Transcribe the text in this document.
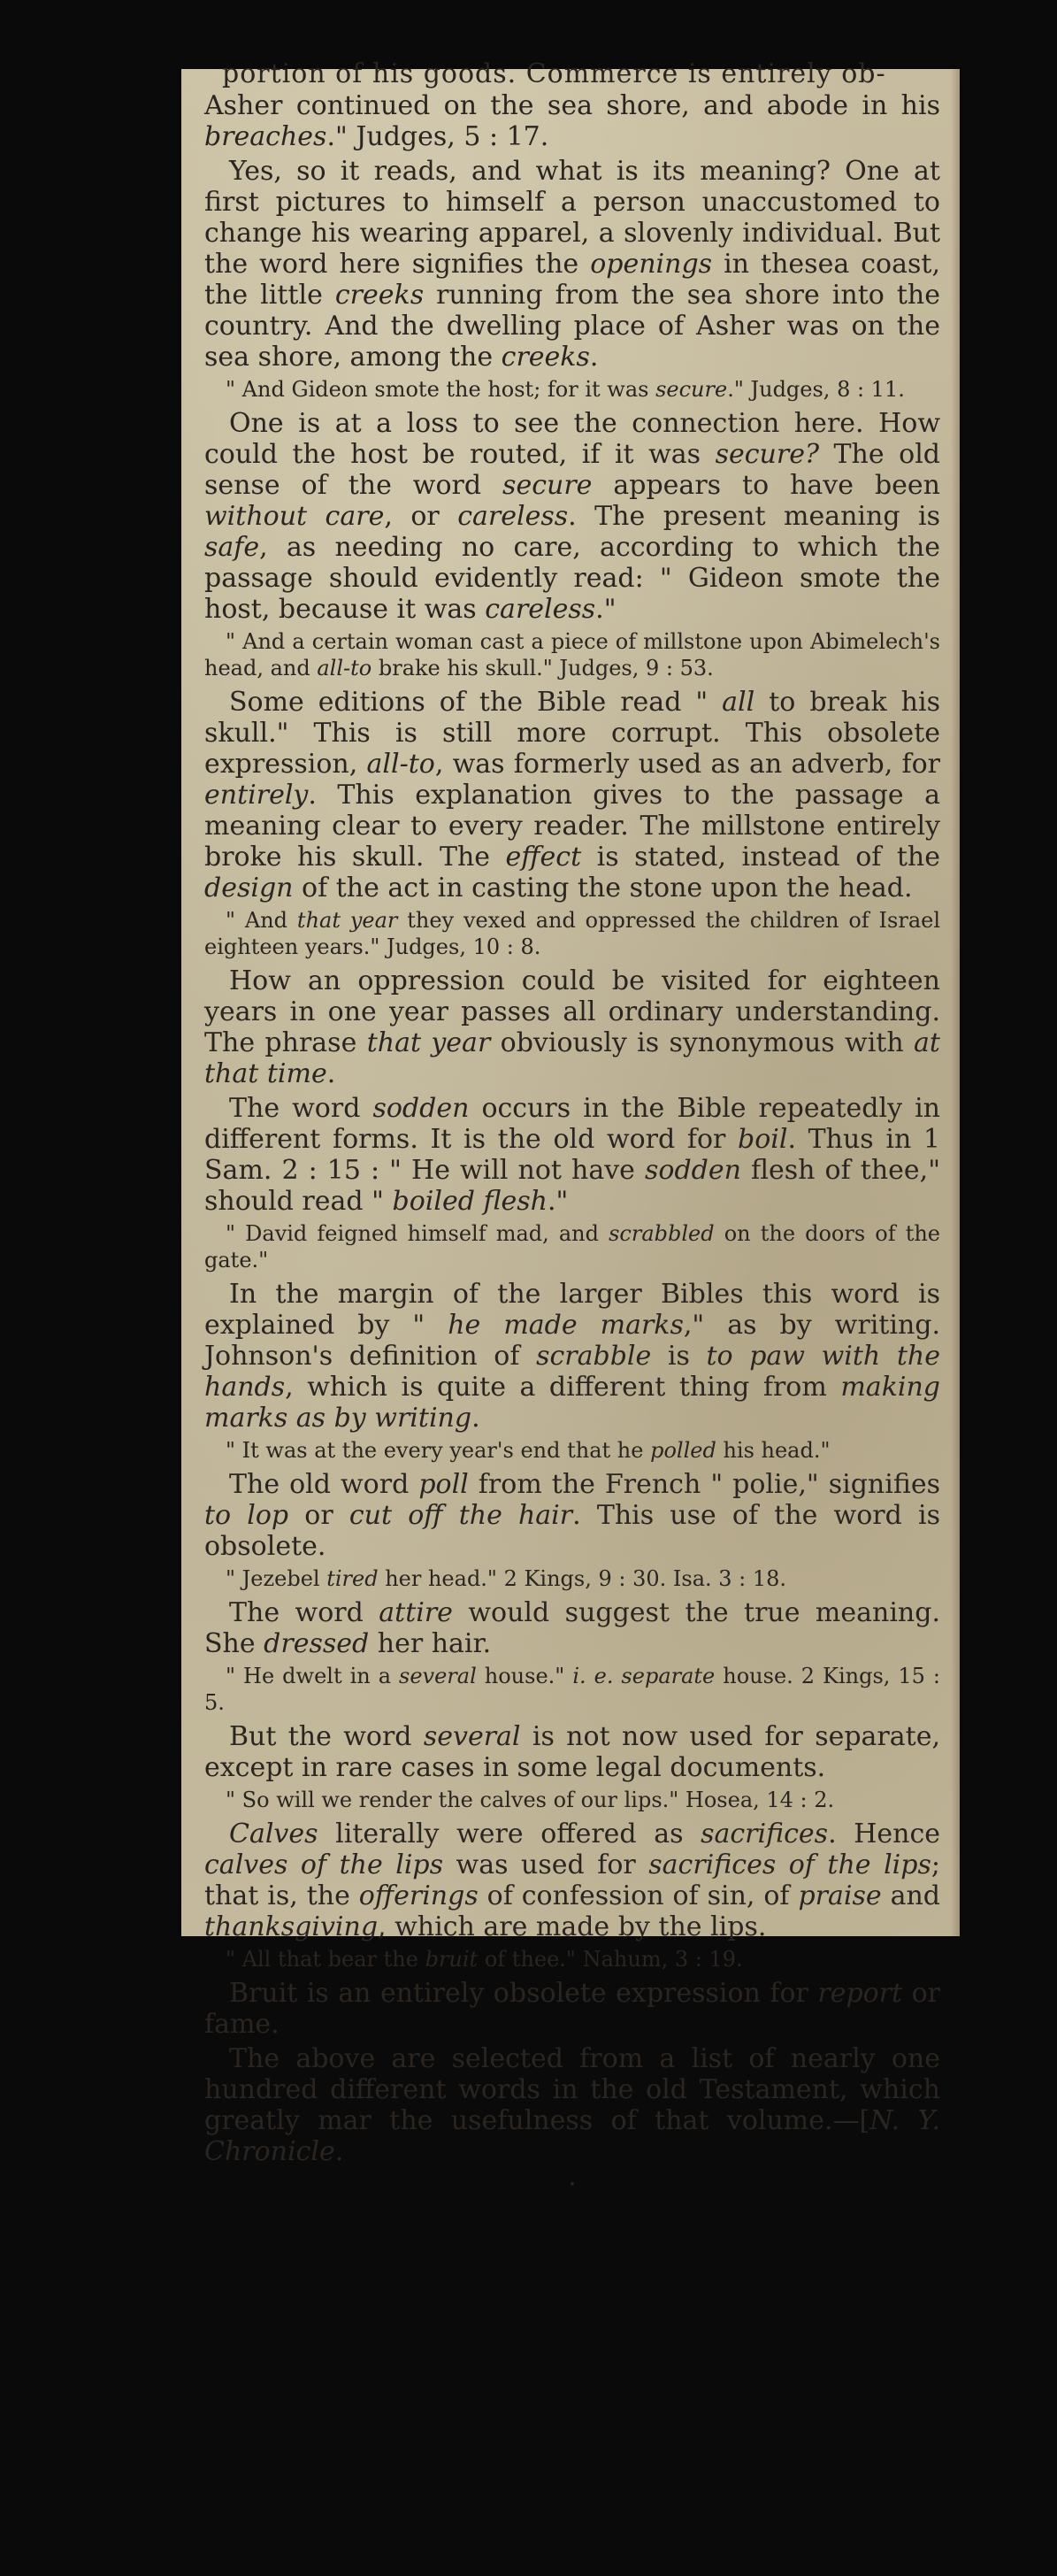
portion of his goods. Commerce is entirely ob-
Asher continued on the sea shore, and abode in his breaches." Judges, 5 : 17.
Yes, so it reads, and what is its meaning? One at first pictures to himself a person unaccustomed to change his wearing apparel, a slovenly individual. But the word here signifies the openings in thesea coast, the little creeks running from the sea shore into the country. And the dwelling place of Asher was on the sea shore, among the creeks.
" And Gideon smote the host; for it was secure." Judges, 8 : 11.
One is at a loss to see the connection here. How could the host be routed, if it was secure? The old sense of the word secure appears to have been without care, or careless. The present meaning is safe, as needing no care, according to which the passage should evidently read: " Gideon smote the host, because it was careless."
" And a certain woman cast a piece of millstone upon Abimelech's head, and all-to brake his skull." Judges, 9 : 53.
Some editions of the Bible read " all to break his skull." This is still more corrupt. This obsolete expression, all-to, was formerly used as an adverb, for entirely. This explanation gives to the passage a meaning clear to every reader. The millstone entirely broke his skull. The effect is stated, instead of the design of the act in casting the stone upon the head.
" And that year they vexed and oppressed the children of Israel eighteen years." Judges, 10 : 8.
How an oppression could be visited for eighteen years in one year passes all ordinary understanding. The phrase that year obviously is synonymous with at that time.
The word sodden occurs in the Bible repeatedly in different forms. It is the old word for boil. Thus in 1 Sam. 2 : 15 : " He will not have sodden flesh of thee," should read " boiled flesh."
" David feigned himself mad, and scrabbled on the doors of the gate."
In the margin of the larger Bibles this word is explained by " he made marks," as by writing. Johnson's definition of scrabble is to paw with the hands, which is quite a different thing from making marks as by writing.
" It was at the every year's end that he polled his head."
The old word poll from the French " polie," signifies to lop or cut off the hair. This use of the word is obsolete.
" Jezebel tired her head." 2 Kings, 9 : 30. Isa. 3 : 18.
The word attire would suggest the true meaning. She dressed her hair.
" He dwelt in a several house." i. e. separate house. 2 Kings, 15 : 5.
But the word several is not now used for separate, except in rare cases in some legal documents.
" So will we render the calves of our lips." Hosea, 14 : 2.
Calves literally were offered as sacrifices. Hence calves of the lips was used for sacrifices of the lips; that is, the offerings of confession of sin, of praise and thanksgiving, which are made by the lips.
" All that bear the bruit of thee." Nahum, 3 : 19.
Bruit is an entirely obsolete expression for report or fame.
The above are selected from a list of nearly one hundred different words in the old Testament, which greatly mar the usefulness of that volume.—[N. Y. Chronicle.
.
